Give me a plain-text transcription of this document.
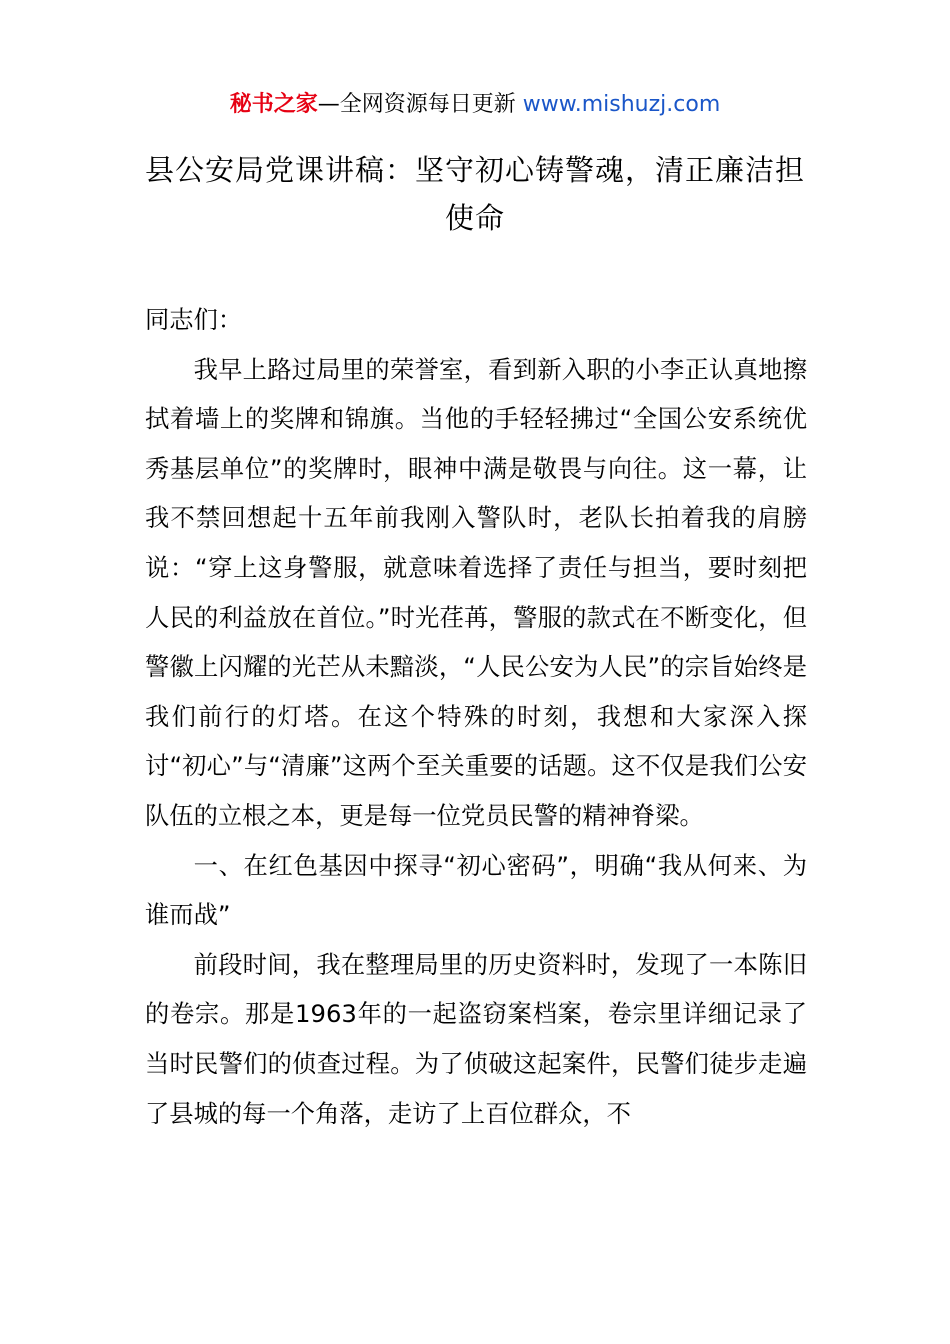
秘书之家—全网资源每日更新 www.mishuzj.com
县公安局党课讲稿：坚守初心铸警魂，清正廉洁担使命

同志们：

我早上路过局里的荣誉室，看到新入职的小李正认真地擦拭着墙上的奖牌和锦旗。当他的手轻轻拂过“全国公安系统优秀基层单位”的奖牌时，眼神中满是敬畏与向往。这一幕，让我不禁回想起十五年前我刚入警队时，老队长拍着我的肩膀说：“穿上这身警服，就意味着选择了责任与担当，要时刻把人民的利益放在首位。”时光荏苒，警服的款式在不断变化，但警徽上闪耀的光芒从未黯淡，“人民公安为人民”的宗旨始终是我们前行的灯塔。在这个特殊的时刻，我想和大家深入探讨“初心”与“清廉”这两个至关重要的话题。这不仅是我们公安队伍的立根之本，更是每一位党员民警的精神脊梁。

一、在红色基因中探寻“初心密码”，明确“我从何来、为谁而战”

前段时间，我在整理局里的历史资料时，发现了一本陈旧的卷宗。那是1963年的一起盗窃案档案，卷宗里详细记录了当时民警们的侦查过程。为了侦破这起案件，民警们徒步走遍了县城的每一个角落，走访了上百位群众，不
